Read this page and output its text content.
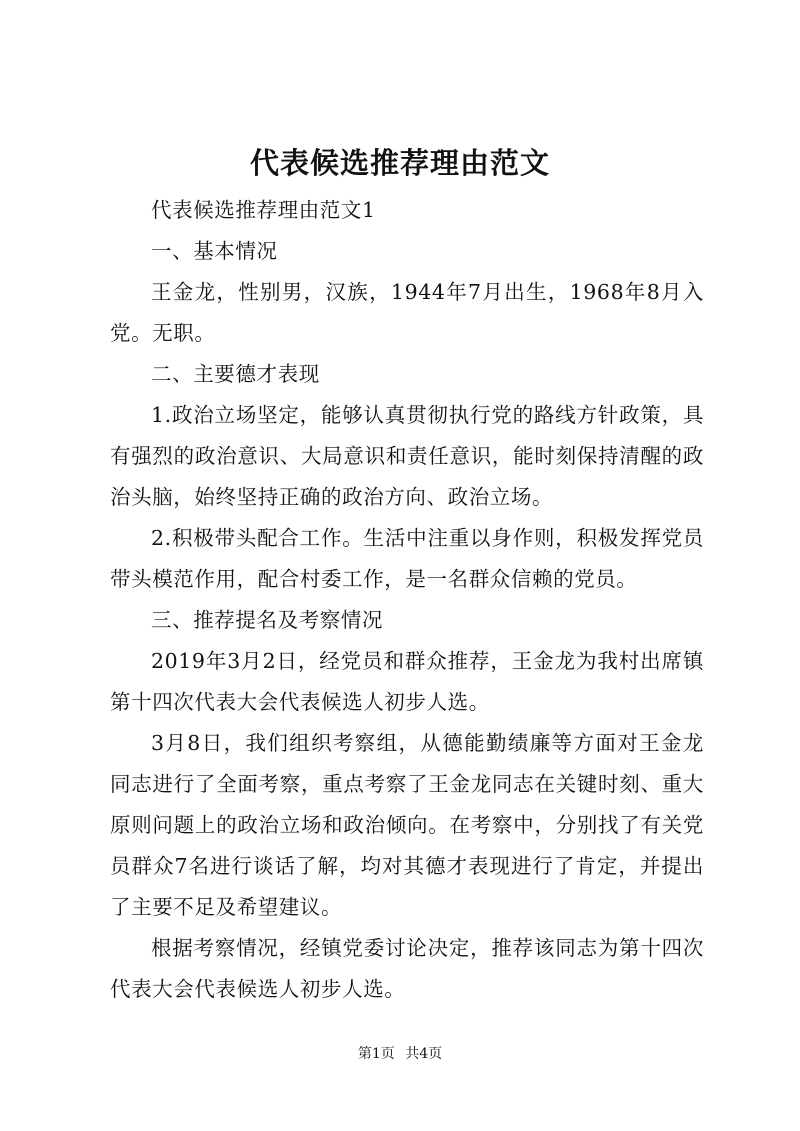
代表候选推荐理由范文

代表候选推荐理由范文1

一、基本情况

王金龙，性别男，汉族，1944年7月出生，1968年8月入党。无职。

二、主要德才表现

1.政治立场坚定，能够认真贯彻执行党的路线方针政策，具有强烈的政治意识、大局意识和责任意识，能时刻保持清醒的政治头脑，始终坚持正确的政治方向、政治立场。

2.积极带头配合工作。生活中注重以身作则，积极发挥党员带头模范作用，配合村委工作，是一名群众信赖的党员。

三、推荐提名及考察情况

2019年3月2日，经党员和群众推荐，王金龙为我村出席镇第十四次代表大会代表候选人初步人选。

3月8日，我们组织考察组，从德能勤绩廉等方面对王金龙同志进行了全面考察，重点考察了王金龙同志在关键时刻、重大原则问题上的政治立场和政治倾向。在考察中，分别找了有关党员群众7名进行谈话了解，均对其德才表现进行了肯定，并提出了主要不足及希望建议。

根据考察情况，经镇党委讨论决定，推荐该同志为第十四次代表大会代表候选人初步人选。

第1页 共4页
